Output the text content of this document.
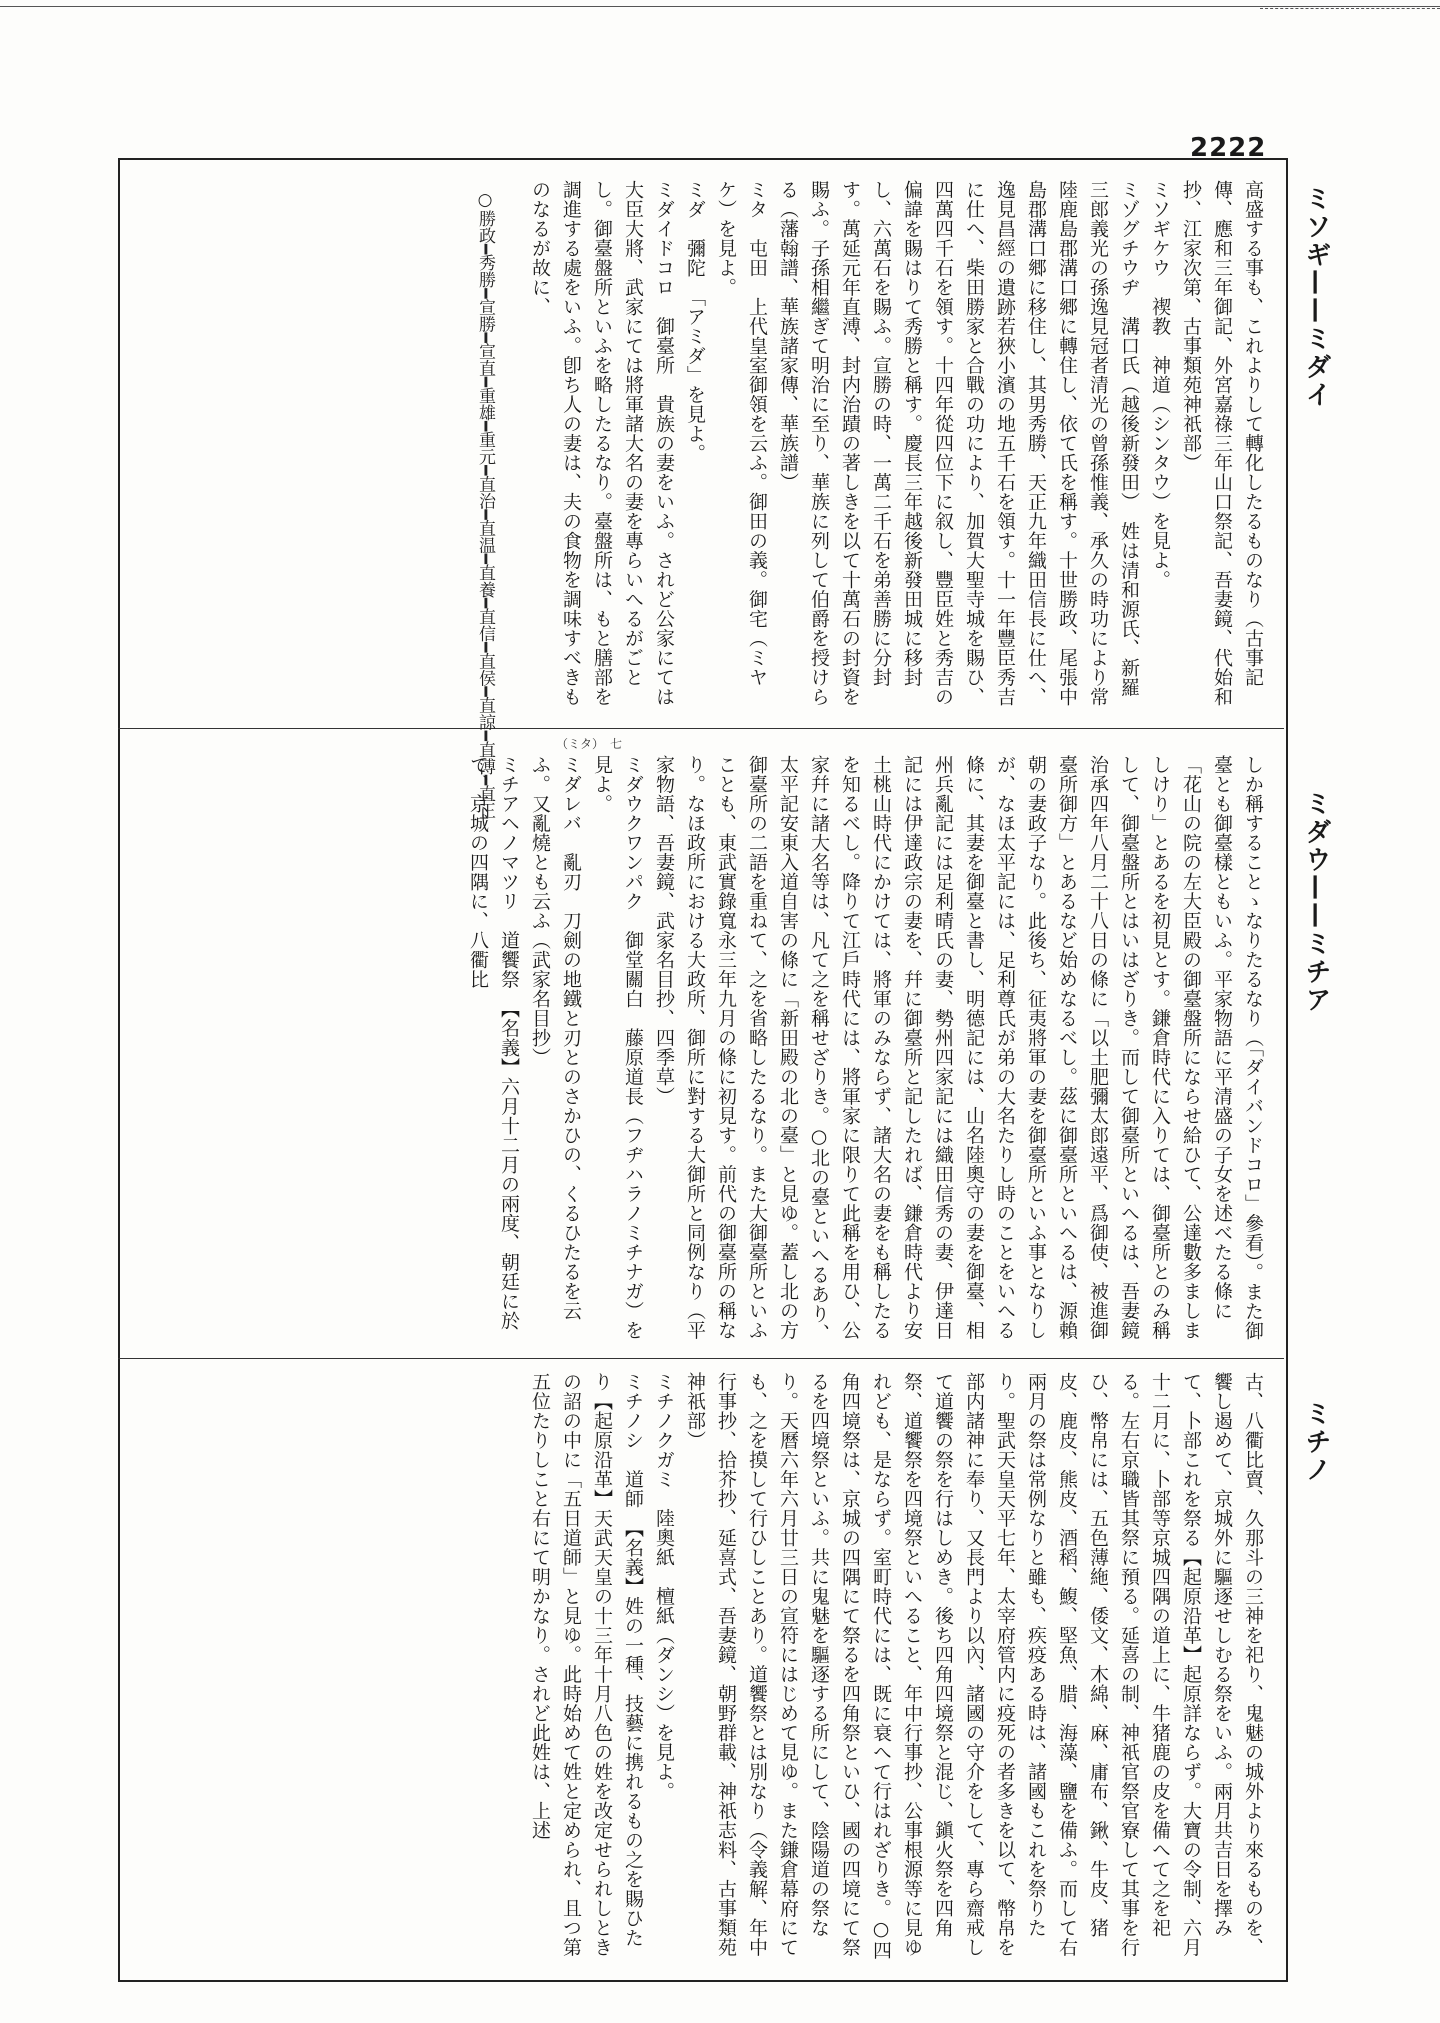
2222
ミソギ——ミダイ
ミダウ——ミチア
ミチノ
高盛する事も、これよりして轉化したるものなり（古事記傳、應和三年御記、外宮嘉祿三年山口祭記、吾妻鏡、代始和抄、江家次第、古事類苑神祇部）
ミソギケウ　禊教　神道（シンタウ）を見よ。
ミゾグチウヂ　溝口氏（越後新發田）　姓は清和源氏、新羅三郎義光の孫逸見冠者清光の曾孫惟義、承久の時功により常陸鹿島郡溝口郷に轉住し、依て氏を稱す。十世勝政、尾張中島郡溝口郷に移住し、其男秀勝、天正九年織田信長に仕へ、逸見昌經の遺跡若狹小濱の地五千石を領す。十一年豐臣秀吉に仕へ、柴田勝家と合戰の功により、加賀大聖寺城を賜ひ、四萬四千石を領す。十四年從四位下に叙し、豐臣姓と秀吉の偏諱を賜はりて秀勝と稱す。慶長三年越後新發田城に移封し、六萬石を賜ふ。宣勝の時、一萬二千石を弟善勝に分封す。萬延元年直溥、封内治蹟の著しきを以て十萬石の封資を賜ふ。子孫相繼ぎて明治に至り、華族に列して伯爵を授けらる（藩翰譜、華族諸家傳、華族譜）
ミタ　屯田　上代皇室御領を云ふ。御田の義。御宅（ミヤケ）を見よ。
ミダ　彌陀　「アミダ」を見よ。
ミダイドコロ　御臺所　貴族の妻をいふ。されど公家にては大臣大將、武家にては將軍諸大名の妻を專らいへるがごとし。御臺盤所といふを略したるなり。臺盤所は、もと膳部を調進する處をいふ。卽ち人の妻は、夫の食物を調味すべきものなるが故に、
○勝政━秀勝━宣勝━宣直━重雄━重元━直治━直温━直養━直信━直侯━直諒━直溥━直正	（ミタ）　七
しか稱することゝなりたるなり（「ダイバンドコロ」參看）。また御臺とも御臺樣ともいふ。平家物語に平清盛の子女を述べたる條に「花山の院の左大臣殿の御臺盤所にならせ給ひて、公達數多ましましけり」とあるを初見とす。鎌倉時代に入りては、御臺所とのみ稱して、御臺盤所とはいはざりき。而して御臺所といへるは、吾妻鏡治承四年八月二十八日の條に「以土肥彌太郎遠平、爲御使、被進御臺所御方」とあるなど始めなるべし。茲に御臺所といへるは、源賴朝の妻政子なり。此後ち、征夷將軍の妻を御臺所といふ事となりしが、なほ太平記には、足利尊氏が弟の大名たりし時のことをいへる條に、其妻を御臺と書し、明德記には、山名陸奧守の妻を御臺、相州兵亂記には足利晴氏の妻、勢州四家記には織田信秀の妻、伊達日記には伊達政宗の妻を、幷に御臺所と記したれば、鎌倉時代より安土桃山時代にかけては、將軍のみならず、諸大名の妻をも稱したるを知るべし。降りて江戶時代には、將軍家に限りて此稱を用ひ、公家幷に諸大名等は、凡て之を稱せざりき。○北の臺といへるあり、太平記安東入道自害の條に「新田殿の北の臺」と見ゆ。蓋し北の方御臺所の二語を重ねて、之を省略したるなり。また大御臺所といふことも、東武實錄寬永三年九月の條に初見す。前代の御臺所の稱なり。なほ政所における大政所、御所に對する大御所と同例なり（平家物語、吾妻鏡、武家名目抄、四季草）
ミダウクワンパク　御堂關白　藤原道長（フヂハラノミチナガ）を見よ。
ミダレバ　亂刃　刀劍の地鐵と刃とのさかひの、くるひたるを云ふ。又亂燒とも云ふ（武家名目抄）
ミチアヘノマツリ　道饗祭　【名義】六月十二月の兩度、朝廷に於て、京城の四隅に、八衢比
古、八衢比賣、久那斗の三神を祀り、鬼魅の城外より來るものを、饗し遏めて、京城外に驅逐せしむる祭をいふ。兩月共吉日を擇みて、卜部これを祭る【起原沿革】起原詳ならず。大寶の令制、六月十二月に、卜部等京城四隅の道上に、牛猪鹿の皮を備へて之を祀る。左右京職皆其祭に預る。延喜の制、神祇官祭官寮して其事を行ひ、幣帛には、五色薄絁、倭文、木綿、麻、庸布、鍬、牛皮、猪皮、鹿皮、熊皮、酒稻、鰒、堅魚、腊、海藻、鹽を備ふ。而して右兩月の祭は常例なりと雖も、疾疫ある時は、諸國もこれを祭りたり。聖武天皇天平七年、太宰府管内に疫死の者多きを以て、幣帛を部内諸神に奉り、又長門より以內、諸國の守介をして、專ら齋戒して道饗の祭を行はしめき。後ち四角四境祭と混じ、鎭火祭を四角祭、道饗祭を四境祭といへること、年中行事抄、公事根源等に見ゆれども、是ならず。室町時代には、既に衰へて行はれざりき。○四角四境祭は、京城の四隅にて祭るを四角祭といひ、國の四境にて祭るを四境祭といふ。共に鬼魅を驅逐する所にして、陰陽道の祭なり。天曆六年六月廿三日の宣符にはじめて見ゆ。また鎌倉幕府にても、之を摸して行ひしことあり。道饗祭とは別なり（令義解、年中行事抄、拾芥抄、延喜式、吾妻鏡、朝野群載、神祇志料、古事類苑神祇部）
ミチノクガミ　陸奧紙　檀紙（ダンシ）を見よ。
ミチノシ　道師　【名義】姓の一種、技藝に携れるもの之を賜ひたり【起原沿革】天武天皇の十三年十月八色の姓を改定せられしときの詔の中に「五日道師」と見ゆ。此時始めて姓と定められ、且つ第五位たりしこと右にて明かなり。されど此姓は、上述
